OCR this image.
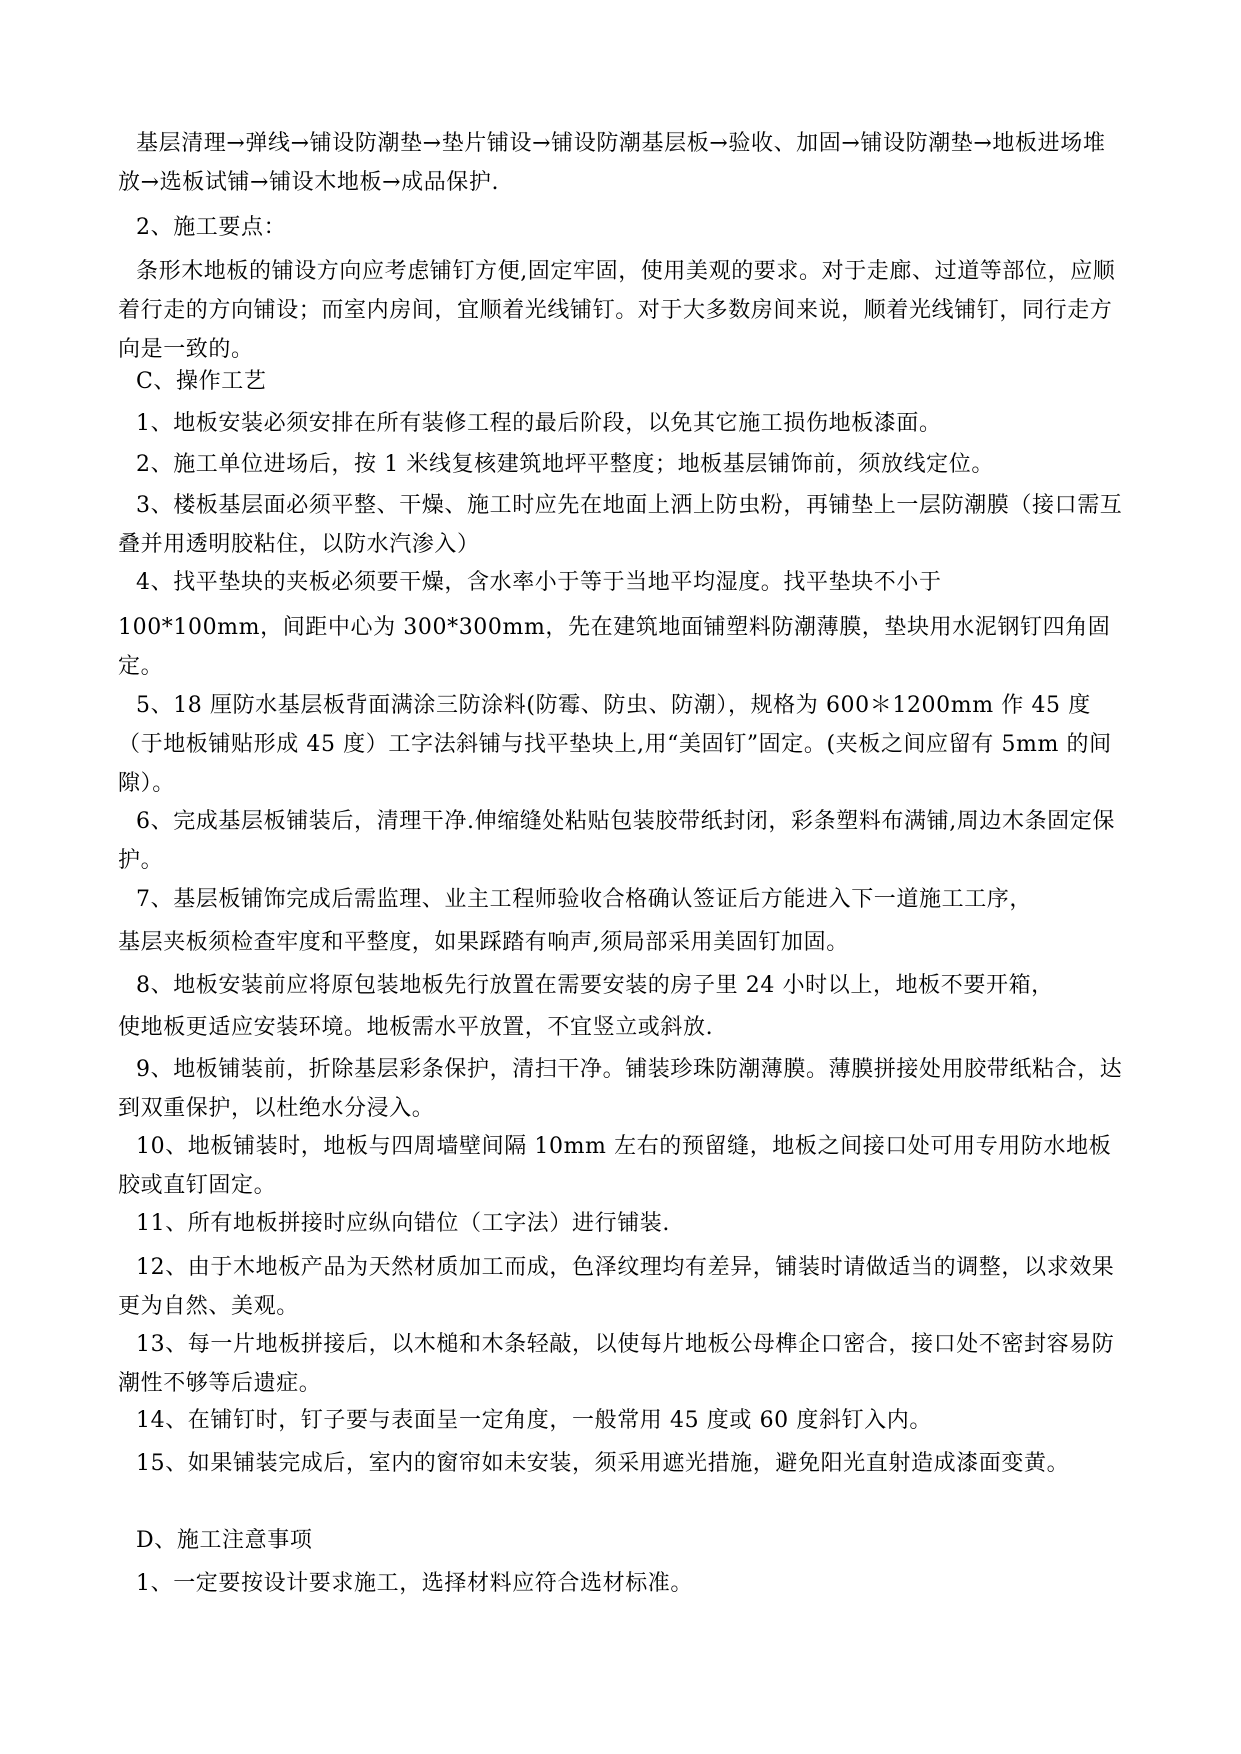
基层清理→弹线→铺设防潮垫→垫片铺设→铺设防潮基层板→验收、加固→铺设防潮垫→地板进场堆放→选板试铺→铺设木地板→成品保护.
2、施工要点：
条形木地板的铺设方向应考虑铺钉方便,固定牢固，使用美观的要求。对于走廊、过道等部位，应顺着行走的方向铺设；而室内房间，宜顺着光线铺钉。对于大多数房间来说，顺着光线铺钉，同行走方向是一致的。
C、操作工艺
1、地板安装必须安排在所有装修工程的最后阶段，以免其它施工损伤地板漆面。
2、施工单位进场后，按 1 米线复核建筑地坪平整度；地板基层铺饰前，须放线定位。
3、楼板基层面必须平整、干燥、施工时应先在地面上洒上防虫粉，再铺垫上一层防潮膜（接口需互叠并用透明胶粘住，以防水汽渗入）
4、找平垫块的夹板必须要干燥，含水率小于等于当地平均湿度。找平垫块不小于
100*100mm，间距中心为 300*300mm，先在建筑地面铺塑料防潮薄膜，垫块用水泥钢钉四角固定。
5、18 厘防水基层板背面满涂三防涂料(防霉、防虫、防潮），规格为 600＊1200mm 作 45 度（于地板铺贴形成 45 度）工字法斜铺与找平垫块上,用“美固钉”固定。(夹板之间应留有 5mm 的间隙）。
6、完成基层板铺装后，清理干净.伸缩缝处粘贴包装胶带纸封闭，彩条塑料布满铺,周边木条固定保护。
7、基层板铺饰完成后需监理、业主工程师验收合格确认签证后方能进入下一道施工工序，
基层夹板须检查牢度和平整度，如果踩踏有响声,须局部采用美固钉加固。
8、地板安装前应将原包装地板先行放置在需要安装的房子里 24 小时以上，地板不要开箱，
使地板更适应安装环境。地板需水平放置，不宜竖立或斜放.
9、地板铺装前，折除基层彩条保护，清扫干净。铺装珍珠防潮薄膜。薄膜拼接处用胶带纸粘合，达到双重保护，以杜绝水分浸入。
10、地板铺装时，地板与四周墙壁间隔 10mm 左右的预留缝，地板之间接口处可用专用防水地板胶或直钉固定。
11、所有地板拼接时应纵向错位（工字法）进行铺装.
12、由于木地板产品为天然材质加工而成，色泽纹理均有差异，铺装时请做适当的调整，以求效果更为自然、美观。
13、每一片地板拼接后，以木槌和木条轻敲，以使每片地板公母榫企口密合，接口处不密封容易防潮性不够等后遗症。
14、在铺钉时，钉子要与表面呈一定角度，一般常用 45 度或 60 度斜钉入内。
15、如果铺装完成后，室内的窗帘如未安装，须采用遮光措施，避免阳光直射造成漆面变黄。
D、施工注意事项
1、一定要按设计要求施工，选择材料应符合选材标准。
